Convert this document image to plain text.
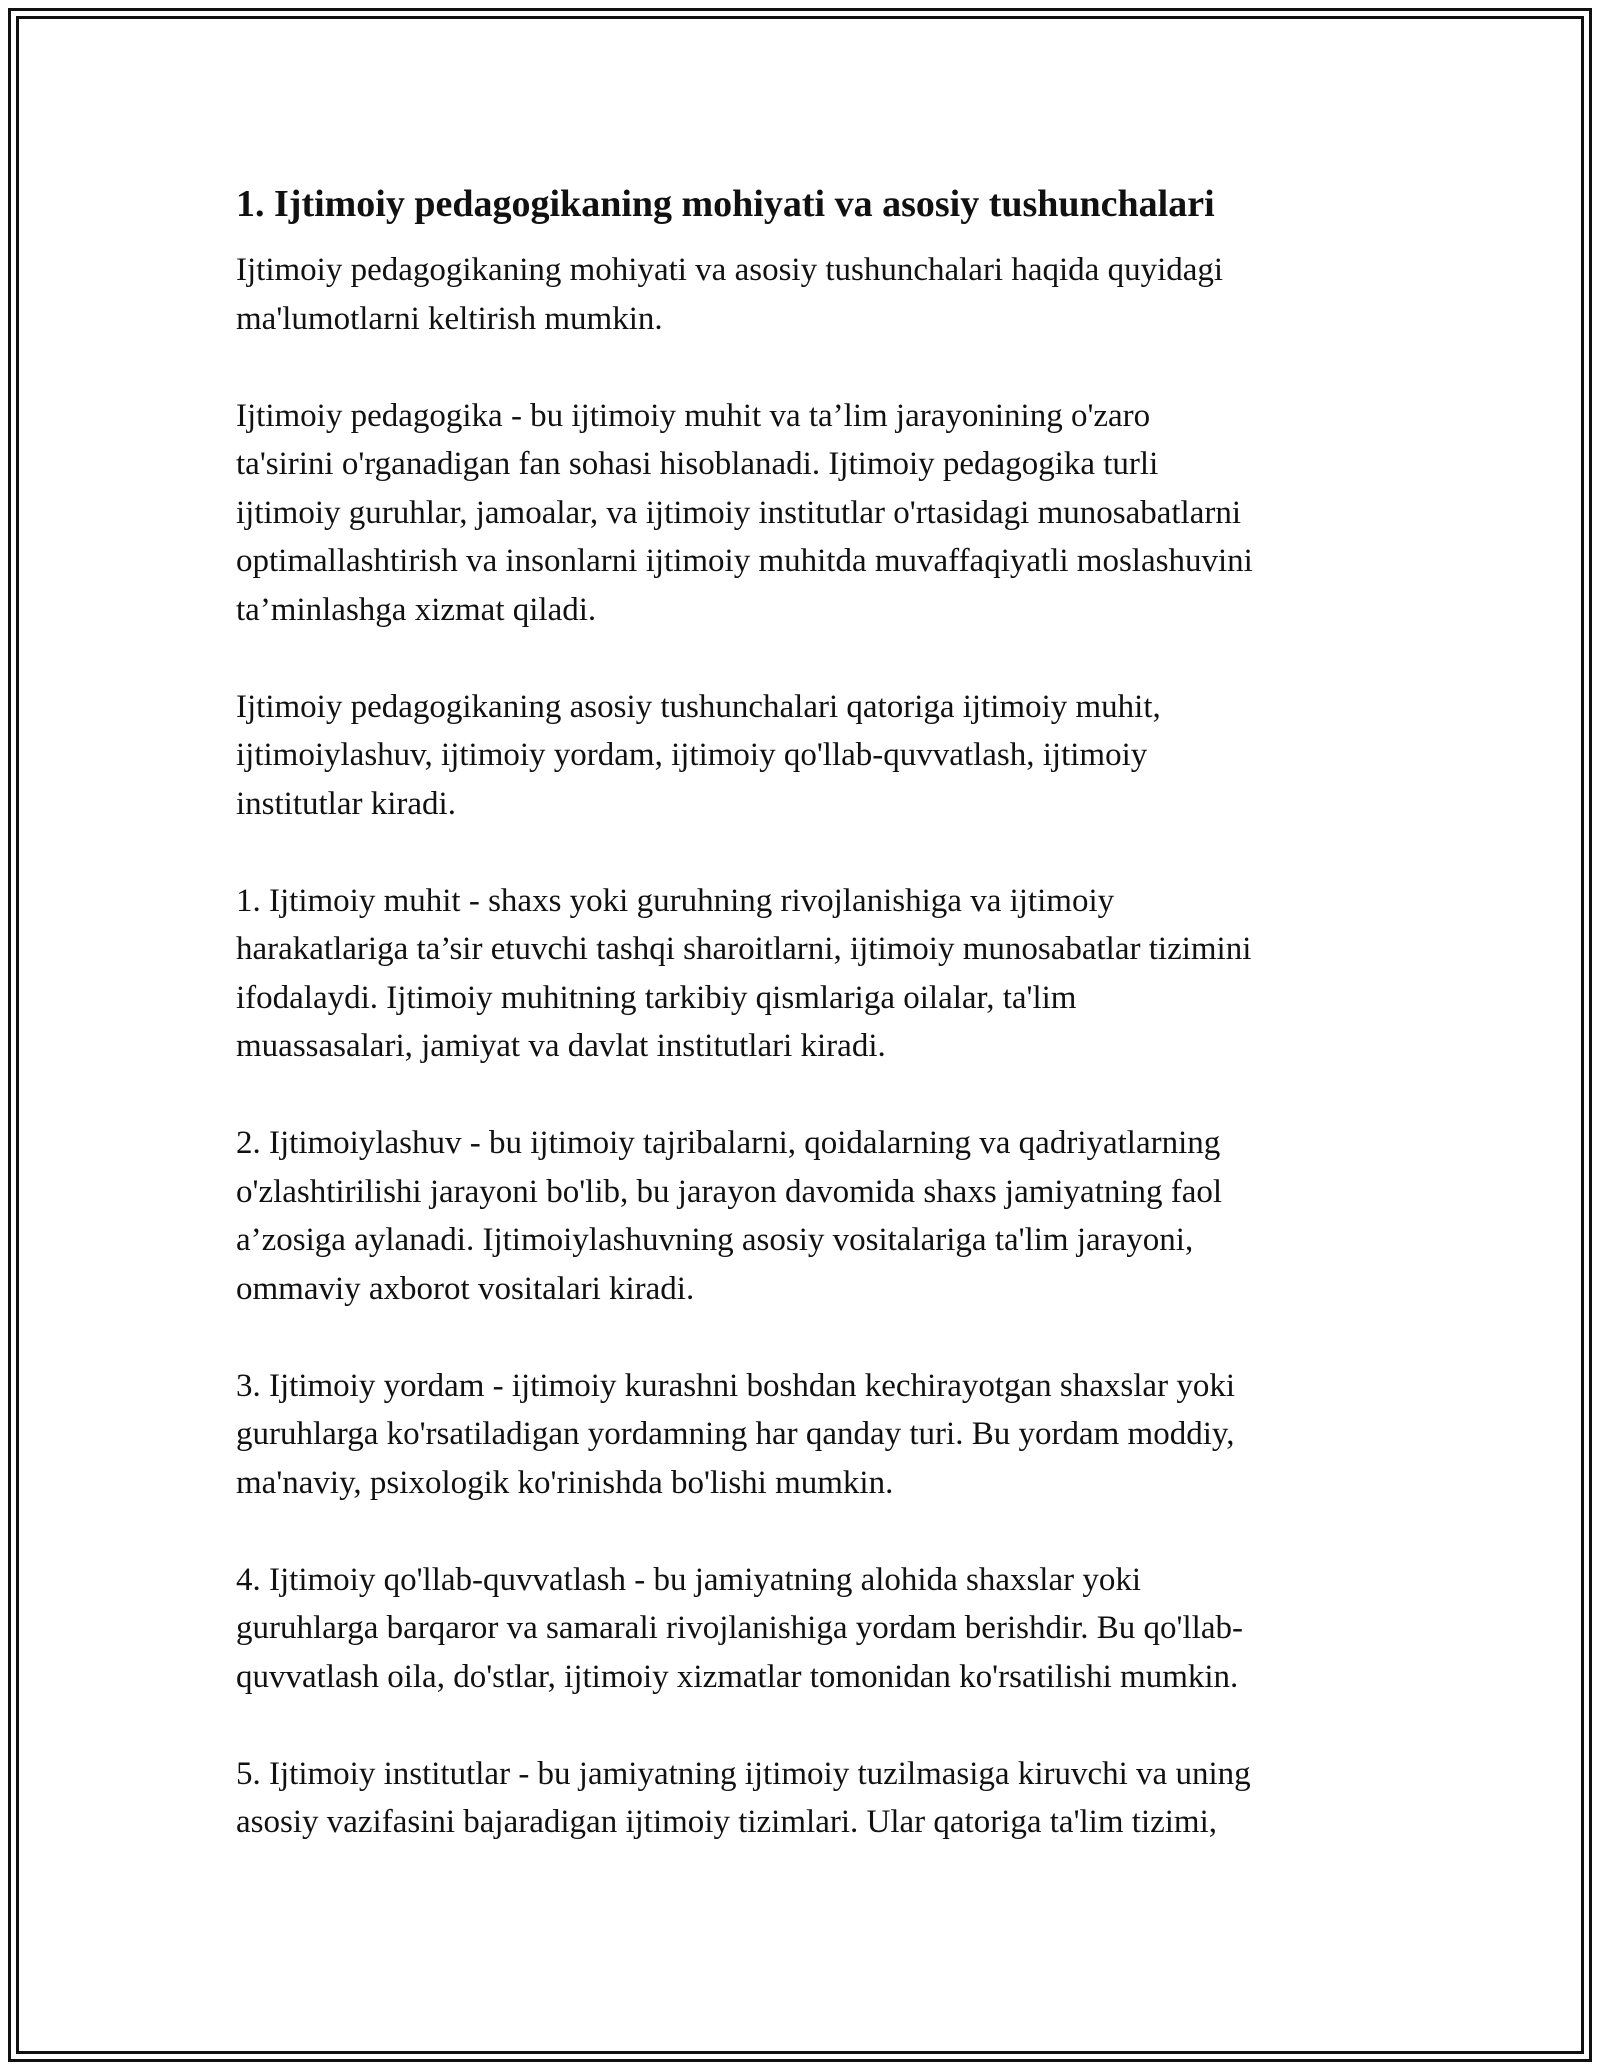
1. Ijtimoiy pedagogikaning mohiyati va asosiy tushunchalari
Ijtimoiy pedagogikaning mohiyati va asosiy tushunchalari haqida quyidagi
ma'lumotlarni keltirish mumkin.
Ijtimoiy pedagogika - bu ijtimoiy muhit va ta’lim jarayonining o'zaro
ta'sirini o'rganadigan fan sohasi hisoblanadi. Ijtimoiy pedagogika turli
ijtimoiy guruhlar, jamoalar, va ijtimoiy institutlar o'rtasidagi munosabatlarni
optimallashtirish va insonlarni ijtimoiy muhitda muvaffaqiyatli moslashuvini
ta’minlashga xizmat qiladi.
Ijtimoiy pedagogikaning asosiy tushunchalari qatoriga ijtimoiy muhit,
ijtimoiylashuv, ijtimoiy yordam, ijtimoiy qo'llab-quvvatlash, ijtimoiy
institutlar kiradi.
1. Ijtimoiy muhit - shaxs yoki guruhning rivojlanishiga va ijtimoiy
harakatlariga ta’sir etuvchi tashqi sharoitlarni, ijtimoiy munosabatlar tizimini
ifodalaydi. Ijtimoiy muhitning tarkibiy qismlariga oilalar, ta'lim
muassasalari, jamiyat va davlat institutlari kiradi.
2. Ijtimoiylashuv - bu ijtimoiy tajribalarni, qoidalarning va qadriyatlarning
o'zlashtirilishi jarayoni bo'lib, bu jarayon davomida shaxs jamiyatning faol
a’zosiga aylanadi. Ijtimoiylashuvning asosiy vositalariga ta'lim jarayoni,
ommaviy axborot vositalari kiradi.
3. Ijtimoiy yordam - ijtimoiy kurashni boshdan kechirayotgan shaxslar yoki
guruhlarga ko'rsatiladigan yordamning har qanday turi. Bu yordam moddiy,
ma'naviy, psixologik ko'rinishda bo'lishi mumkin.
4. Ijtimoiy qo'llab-quvvatlash - bu jamiyatning alohida shaxslar yoki
guruhlarga barqaror va samarali rivojlanishiga yordam berishdir. Bu qo'llab-
quvvatlash oila, do'stlar, ijtimoiy xizmatlar tomonidan ko'rsatilishi mumkin.
5. Ijtimoiy institutlar - bu jamiyatning ijtimoiy tuzilmasiga kiruvchi va uning
asosiy vazifasini bajaradigan ijtimoiy tizimlari. Ular qatoriga ta'lim tizimi,
